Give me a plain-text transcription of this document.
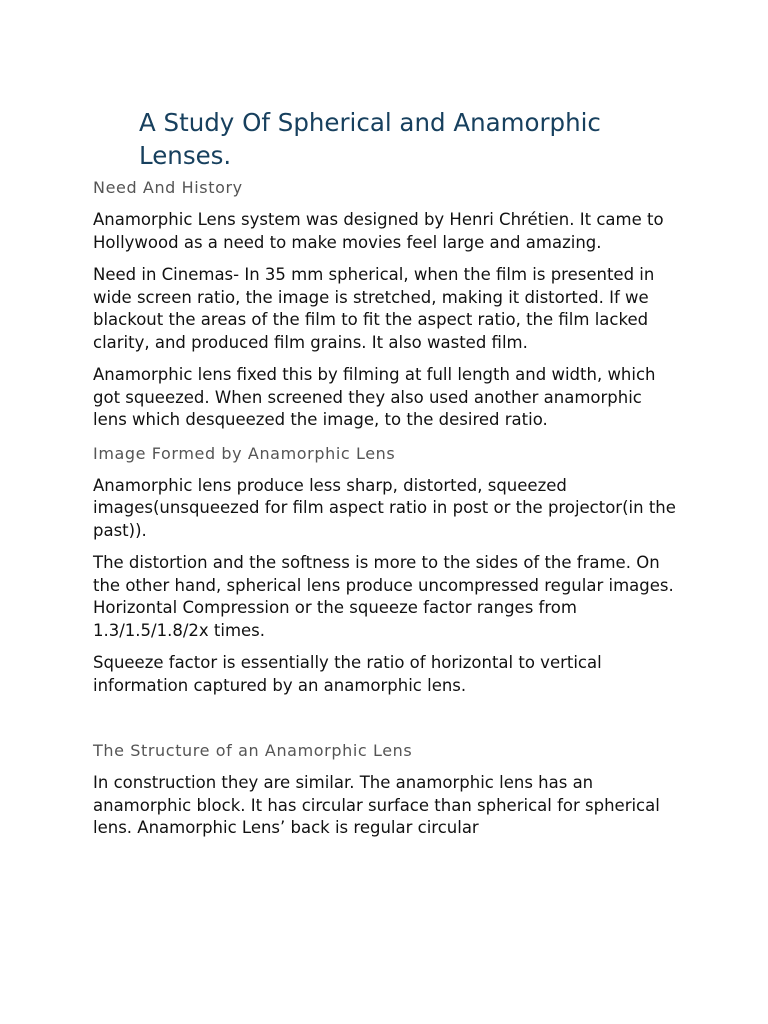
A Study Of Spherical and Anamorphic Lenses.
Need And History

Anamorphic Lens system was designed by Henri Chrétien. It came to Hollywood as a need to make movies feel large and amazing.

Need in Cinemas- In 35 mm spherical, when the film is presented in wide screen ratio, the image is stretched, making it distorted. If we blackout the areas of the film to fit the aspect ratio, the film lacked clarity, and produced film grains. It also wasted film.

Anamorphic lens fixed this by filming at full length and width, which got squeezed. When screened they also used another anamorphic lens which desqueezed the image, to the desired ratio.

Image Formed by Anamorphic Lens

Anamorphic lens produce less sharp, distorted, squeezed images(unsqueezed for film aspect ratio in post or the projector(in the past)).

The distortion and the softness is more to the sides of the frame. On the other hand, spherical lens produce uncompressed regular images. Horizontal Compression or the squeeze factor ranges from 1.3/1.5/1.8/2x times.

Squeeze factor is essentially the ratio of horizontal to vertical information captured by an anamorphic lens.

The Structure of an Anamorphic Lens

In construction they are similar. The anamorphic lens has an anamorphic block. It has circular surface than spherical for spherical lens. Anamorphic Lens’ back is regular circular
